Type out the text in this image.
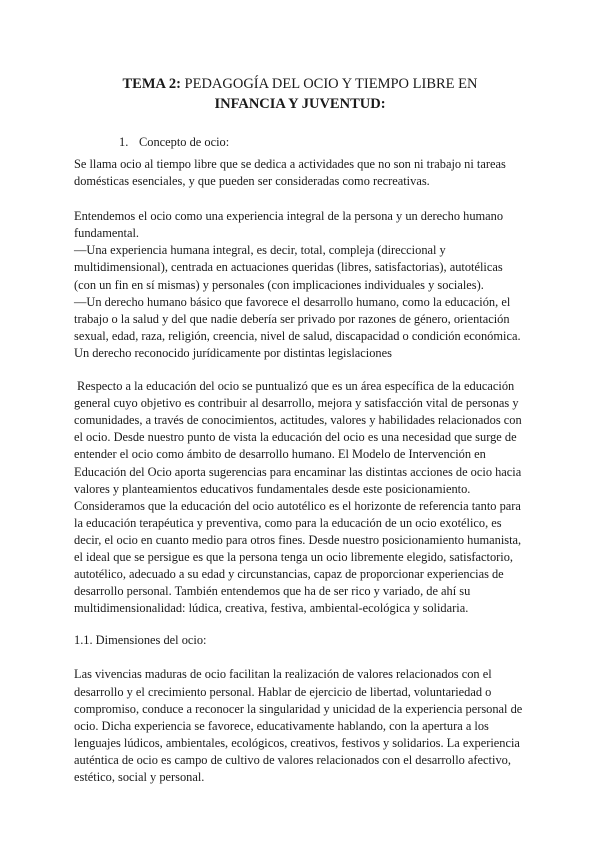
TEMA 2: PEDAGOGÍA DEL OCIO Y TIEMPO LIBRE EN
INFANCIA Y JUVENTUD:
1. Concepto de ocio:

Se llama ocio al tiempo libre que se dedica a actividades que no son ni trabajo ni tareas domésticas esenciales, y que pueden ser consideradas como recreativas.

Entendemos el ocio como una experiencia integral de la persona y un derecho humano fundamental.

—Una experiencia humana integral, es decir, total, compleja (direccional y multidimensional), centrada en actuaciones queridas (libres, satisfactorias), autotélicas (con un fin en sí mismas) y personales (con implicaciones individuales y sociales).

—Un derecho humano básico que favorece el desarrollo humano, como la educación, el trabajo o la salud y del que nadie debería ser privado por razones de género, orientación sexual, edad, raza, religión, creencia, nivel de salud, discapacidad o condición económica. Un derecho reconocido jurídicamente por distintas legislaciones

Respecto a la educación del ocio se puntualizó que es un área específica de la educación general cuyo objetivo es contribuir al desarrollo, mejora y satisfacción vital de personas y comunidades, a través de conocimientos, actitudes, valores y habilidades relacionados con el ocio. Desde nuestro punto de vista la educación del ocio es una necesidad que surge de entender el ocio como ámbito de desarrollo humano. El Modelo de Intervención en Educación del Ocio aporta sugerencias para encaminar las distintas acciones de ocio hacia valores y planteamientos educativos fundamentales desde este posicionamiento. Consideramos que la educación del ocio autotélico es el horizonte de referencia tanto para la educación terapéutica y preventiva, como para la educación de un ocio exotélico, es decir, el ocio en cuanto medio para otros fines. Desde nuestro posicionamiento humanista, el ideal que se persigue es que la persona tenga un ocio libremente elegido, satisfactorio, autotélico, adecuado a su edad y circunstancias, capaz de proporcionar experiencias de desarrollo personal. También entendemos que ha de ser rico y variado, de ahí su multidimensionalidad: lúdica, creativa, festiva, ambiental-ecológica y solidaria.

1.1. Dimensiones del ocio:

Las vivencias maduras de ocio facilitan la realización de valores relacionados con el desarrollo y el crecimiento personal. Hablar de ejercicio de libertad, voluntariedad o compromiso, conduce a reconocer la singularidad y unicidad de la experiencia personal de ocio. Dicha experiencia se favorece, educativamente hablando, con la apertura a los lenguajes lúdicos, ambientales, ecológicos, creativos, festivos y solidarios. La experiencia auténtica de ocio es campo de cultivo de valores relacionados con el desarrollo afectivo, estético, social y personal.
